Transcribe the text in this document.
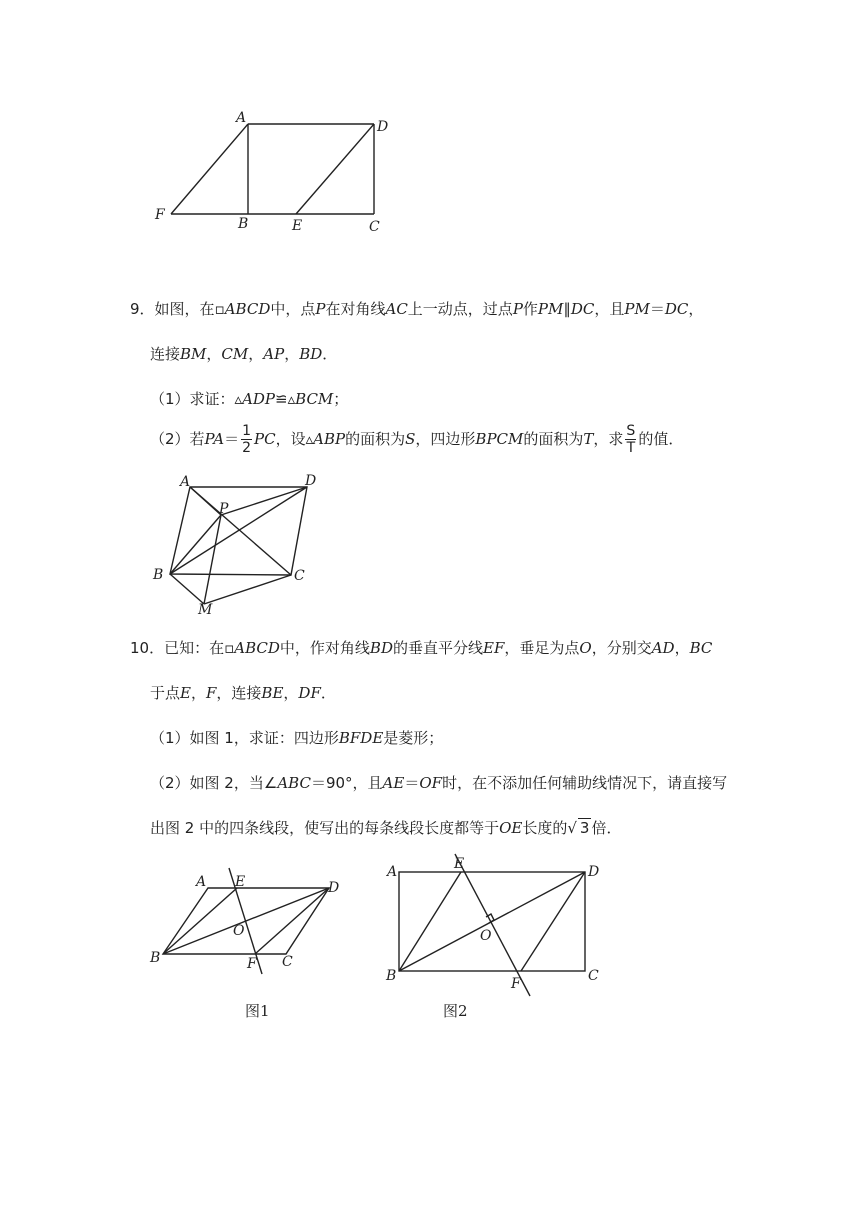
A
D
F
B	E	C
9．如图，在▫ABCD中，点P在对角线AC上一动点，过点P作PM∥DC，且PM＝DC，
连接BM，CM，AP，BD．
（1）求证：▵ADP≌▵BCM；
（2）若$PA= \frac{1}{2}$ PC，设▵ABP的面积为S，四边形BPCM的面积为T，求 $\frac{S}{T}$ 的值．
A	D
P
B	C
M
10．已知：在▫ABCD中，作对角线BD的垂直平分线EF，垂足为点O，分别交AD，BC
于点E，F，连接BE，DF．
（1）如图 1，求证：四边形BFDE是菱形；
（2）如图 2，当∠ABC＝90°，且AE＝OF时，在不添加任何辅助线情况下，请直接写
出图 2 中的四条线段，使写出的每条线段长度都等于OE长度的√ 3 倍．
A E	D
O
B	F C
图1
A	E	D
O
B	F	C
图2
